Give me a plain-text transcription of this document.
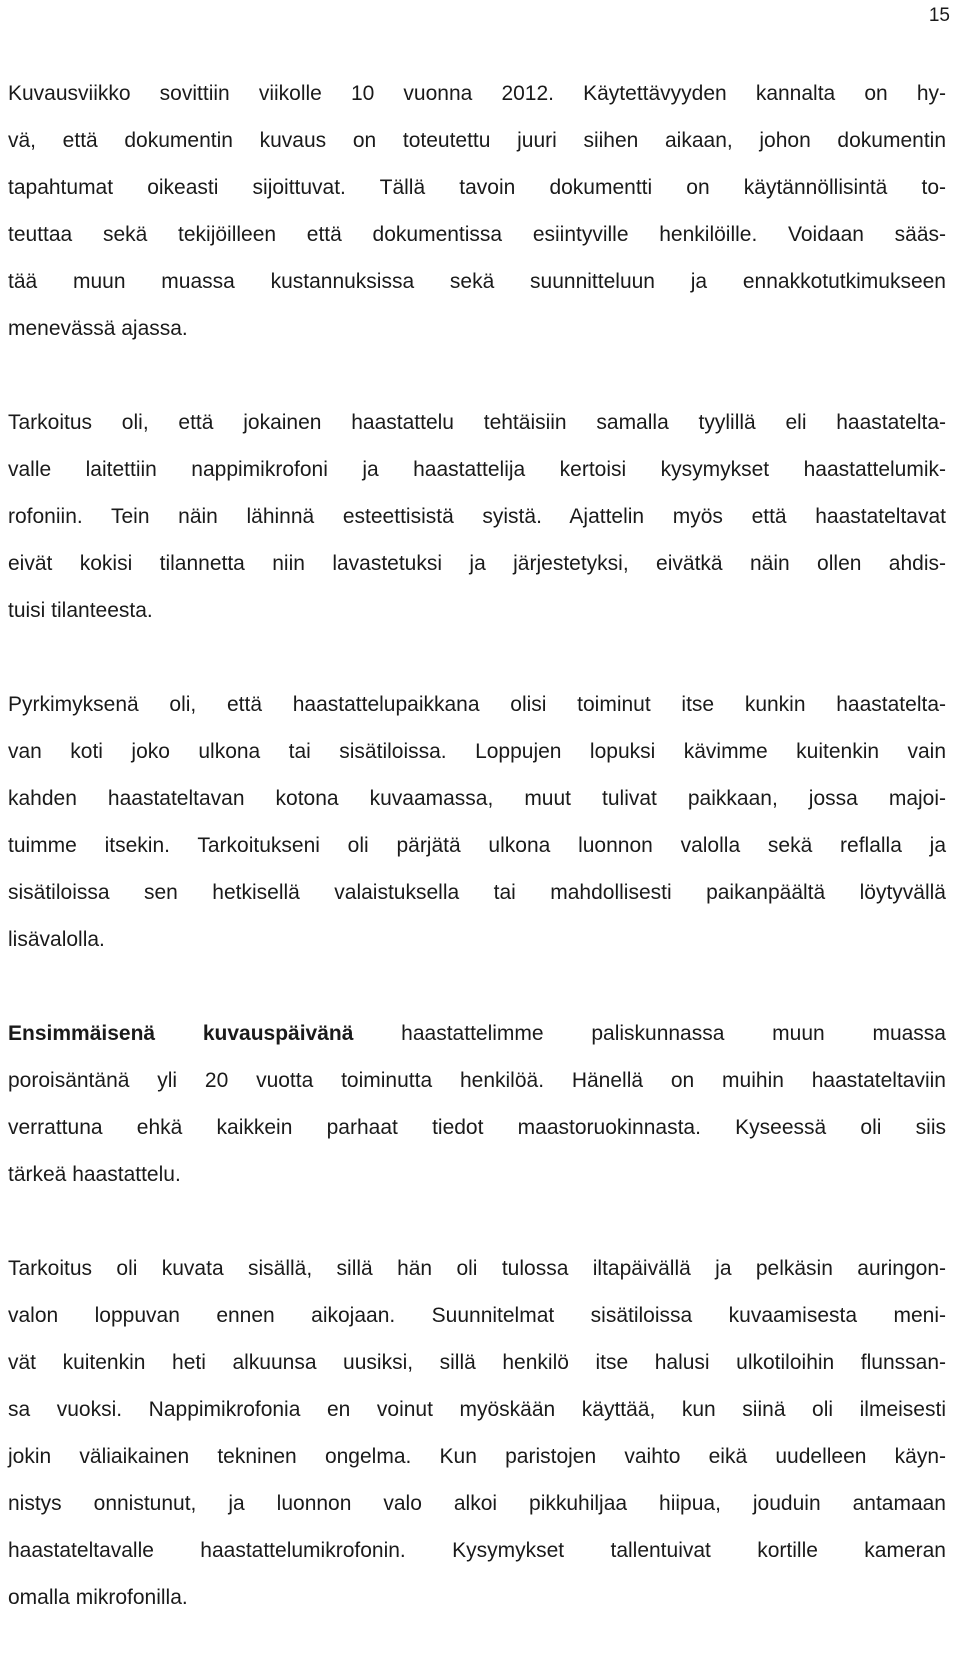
15

Kuvausviikko sovittiin viikolle 10 vuonna 2012. Käytettävyyden kannalta on hy-
vä, että dokumentin kuvaus on toteutettu juuri siihen aikaan, johon dokumentin
tapahtumat oikeasti sijoittuvat. Tällä tavoin dokumentti on käytännöllisintä to-
teuttaa sekä tekijöilleen että dokumentissa esiintyville henkilöille. Voidaan sääs-
tää muun muassa kustannuksissa sekä suunnitteluun ja ennakkotutkimukseen
menevässä ajassa.

Tarkoitus oli, että jokainen haastattelu tehtäisiin samalla tyylillä eli haastatelta-
valle laitettiin nappimikrofoni ja haastattelija kertoisi kysymykset haastattelumik-
rofoniin. Tein näin lähinnä esteettisistä syistä. Ajattelin myös että haastateltavat
eivät kokisi tilannetta niin lavastetuksi ja järjestetyksi, eivätkä näin ollen ahdis-
tuisi tilanteesta.

Pyrkimyksenä oli, että haastattelupaikkana olisi toiminut itse kunkin haastatelta-
van koti joko ulkona tai sisätiloissa. Loppujen lopuksi kävimme kuitenkin vain
kahden haastateltavan kotona kuvaamassa, muut tulivat paikkaan, jossa majoi-
tuimme itsekin. Tarkoitukseni oli pärjätä ulkona luonnon valolla sekä reflalla ja
sisätiloissa sen hetkisellä valaistuksella tai mahdollisesti paikanpäältä löytyvällä
lisävalolla.

Ensimmäisenä kuvauspäivänä haastattelimme paliskunnassa muun muassa
poroisäntänä yli 20 vuotta toiminutta henkilöä. Hänellä on muihin haastateltaviin
verrattuna ehkä kaikkein parhaat tiedot maastoruokinnasta. Kyseessä oli siis
tärkeä haastattelu.

Tarkoitus oli kuvata sisällä, sillä hän oli tulossa iltapäivällä ja pelkäsin auringon-
valon loppuvan ennen aikojaan. Suunnitelmat sisätiloissa kuvaamisesta meni-
vät kuitenkin heti alkuunsa uusiksi, sillä henkilö itse halusi ulkotiloihin flunssan-
sa vuoksi. Nappimikrofonia en voinut myöskään käyttää, kun siinä oli ilmeisesti
jokin väliaikainen tekninen ongelma. Kun paristojen vaihto eikä uudelleen käyn-
nistys onnistunut, ja luonnon valo alkoi pikkuhiljaa hiipua, jouduin antamaan
haastateltavalle haastattelumikrofonin. Kysymykset tallentuivat kortille kameran
omalla mikrofonilla.
